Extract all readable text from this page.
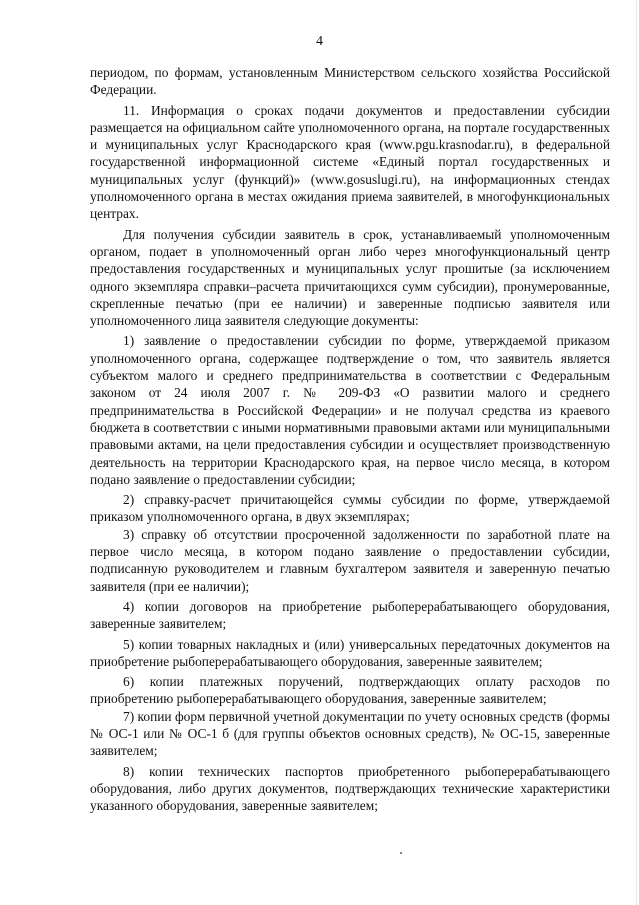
4

периодом, по формам, установленным Министерством сельского хозяйства Российской Федерации.

11. Информация о сроках подачи документов и предоставлении субсидии размещается на официальном сайте уполномоченного органа, на портале государственных и муниципальных услуг Краснодарского края (www.pgu.krasnodar.ru), в федеральной государственной информационной системе «Единый портал государственных и муниципальных услуг (функций)» (www.gosuslugi.ru), на информационных стендах уполномоченного органа в местах ожидания приема заявителей, в многофункциональных центрах.

Для получения субсидии заявитель в срок, устанавливаемый уполномоченным органом, подает в уполномоченный орган либо через многофункциональный центр предоставления государственных и муниципальных услуг прошитые (за исключением одного экземпляра справки–расчета причитающихся сумм субсидии), пронумерованные, скрепленные печатью (при ее наличии) и заверенные подписью заявителя или уполномоченного лица заявителя следующие документы:

1) заявление о предоставлении субсидии по форме, утверждаемой приказом уполномоченного органа, содержащее подтверждение о том, что заявитель является субъектом малого и среднего предпринимательства в соответствии с Федеральным законом от 24 июля 2007 г. № 209-ФЗ «О развитии малого и среднего предпринимательства в Российской Федерации» и не получал средства из краевого бюджета в соответствии с иными нормативными правовыми актами или муниципальными правовыми актами, на цели предоставления субсидии и осуществляет производственную деятельность на территории Краснодарского края, на первое число месяца, в котором подано заявление о предоставлении субсидии;

2) справку-расчет причитающейся суммы субсидии по форме, утверждаемой приказом уполномоченного органа, в двух экземплярах;

3) справку об отсутствии просроченной задолженности по заработной плате на первое число месяца, в котором подано заявление о предоставлении субсидии, подписанную руководителем и главным бухгалтером заявителя и заверенную печатью заявителя (при ее наличии);

4) копии договоров на приобретение рыбоперерабатывающего оборудования, заверенные заявителем;

5) копии товарных накладных и (или) универсальных передаточных документов на приобретение рыбоперерабатывающего оборудования, заверенные заявителем;

6) копии платежных поручений, подтверждающих оплату расходов по приобретению рыбоперерабатывающего оборудования, заверенные заявителем;

7) копии форм первичной учетной документации по учету основных средств (формы № ОС-1 или № ОС-1 б (для группы объектов основных средств), № ОС-15, заверенные заявителем;

8) копии технических паспортов приобретенного рыбоперерабатывающего оборудования, либо других документов, подтверждающих технические характеристики указанного оборудования, заверенные заявителем;
